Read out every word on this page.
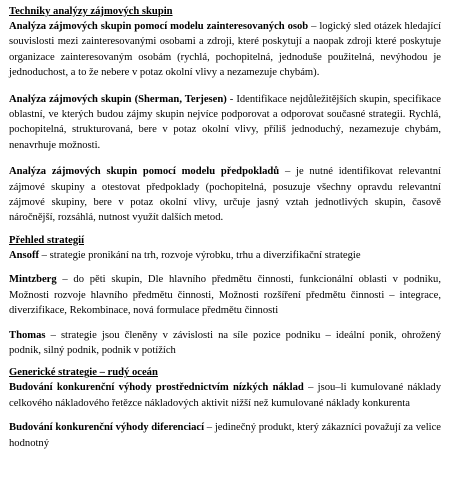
Techniky analýzy zájmových skupin

Analýza zájmových skupin pomocí modelu zainteresovaných osob – logický sled otázek hledající souvislosti mezi zainteresovanými osobami a zdroji, které poskytují a naopak zdroji které poskytuje organizace zainteresovaným osobám (rychlá, pochopitelná, jednoduše použitelná, nevýhodou je jednoduchost, a to že nebere v potaz okolní vlivy a nezamezuje chybám).

Analýza zájmových skupin (Sherman, Terjesen) - Identifikace nejdůležitějších skupin, specifikace oblastní, ve kterých budou zájmy skupin nejvíce podporovat a odporovat současné strategii. Rychlá, pochopitelná, strukturovaná, bere v potaz okolní vlivy, příliš jednoduchý, nezamezuje chybám, nenavrhuje možnosti.

Analýza zájmových skupin pomocí modelu předpokladů – je nutné identifikovat relevantní zájmové skupiny a otestovat předpoklady (pochopitelná, posuzuje všechny opravdu relevantní zájmové skupiny, bere v potaz okolní vlivy, určuje jasný vztah jednotlivých skupin, časově náročnější, rozsáhlá, nutnost využít dalších metod.

Přehled strategií

Ansoff – strategie pronikání na trh, rozvoje výrobku, trhu a diverzifikační strategie

Mintzberg – do pěti skupin, Dle hlavního předmětu činnosti, funkcionální oblasti v podniku, Možnosti rozvoje hlavního předmětu činnosti, Možnosti rozšíření předmětu činnosti – integrace, diverzifikace, Rekombinace, nová formulace předmětu činnosti

Thomas – strategie jsou členěny v závislosti na síle pozice podniku – ideální ponik, ohrožený podnik, silný podnik, podnik v potížích

Generické strategie – rudý oceán

Budování konkurenční výhody prostřednictvím nízkých náklad – jsou–li kumulované náklady celkového nákladového řetězce nákladových aktivit nižší než kumulované náklady konkurenta

Budování konkurenční výhody diferenciací – jedinečný produkt, který zákazníci považují za velice hodnotný
